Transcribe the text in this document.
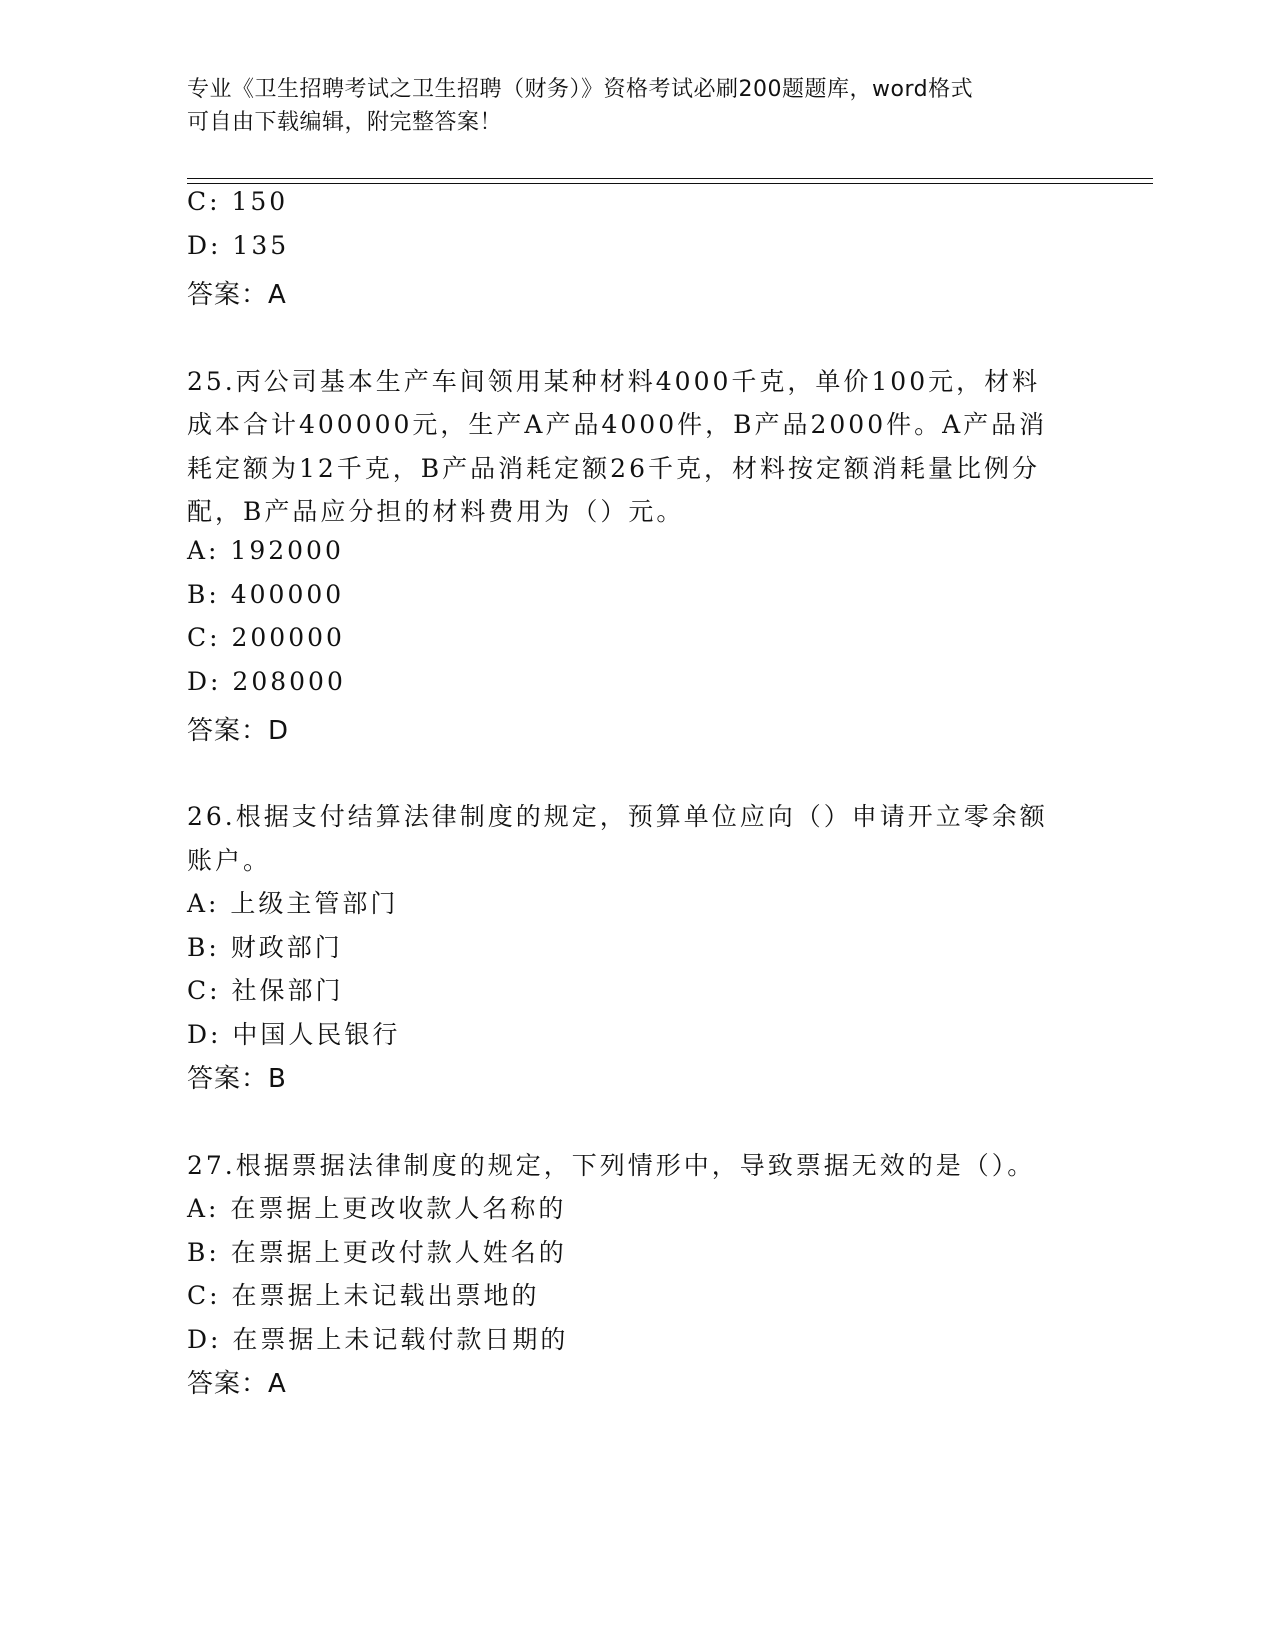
专业《卫生招聘考试之卫生招聘（财务）》资格考试必刷200题题库，word格式
可自由下载编辑，附完整答案！

C: 150

D: 135

答案：A

25.丙公司基本生产车间领用某种材料4000千克，单价100元，材料

成本合计400000元，生产A产品4000件，B产品2000件。A产品消

耗定额为12千克，B产品消耗定额26千克，材料按定额消耗量比例分

配，B产品应分担的材料费用为（）元。

A: 192000

B: 400000

C: 200000

D: 208000

答案：D

26.根据支付结算法律制度的规定，预算单位应向（）申请开立零余额

账户。

A: 上级主管部门

B: 财政部门

C: 社保部门

D: 中国人民银行

答案：B

27.根据票据法律制度的规定，下列情形中，导致票据无效的是（）。

A: 在票据上更改收款人名称的

B: 在票据上更改付款人姓名的

C: 在票据上未记载出票地的

D: 在票据上未记载付款日期的

答案：A
